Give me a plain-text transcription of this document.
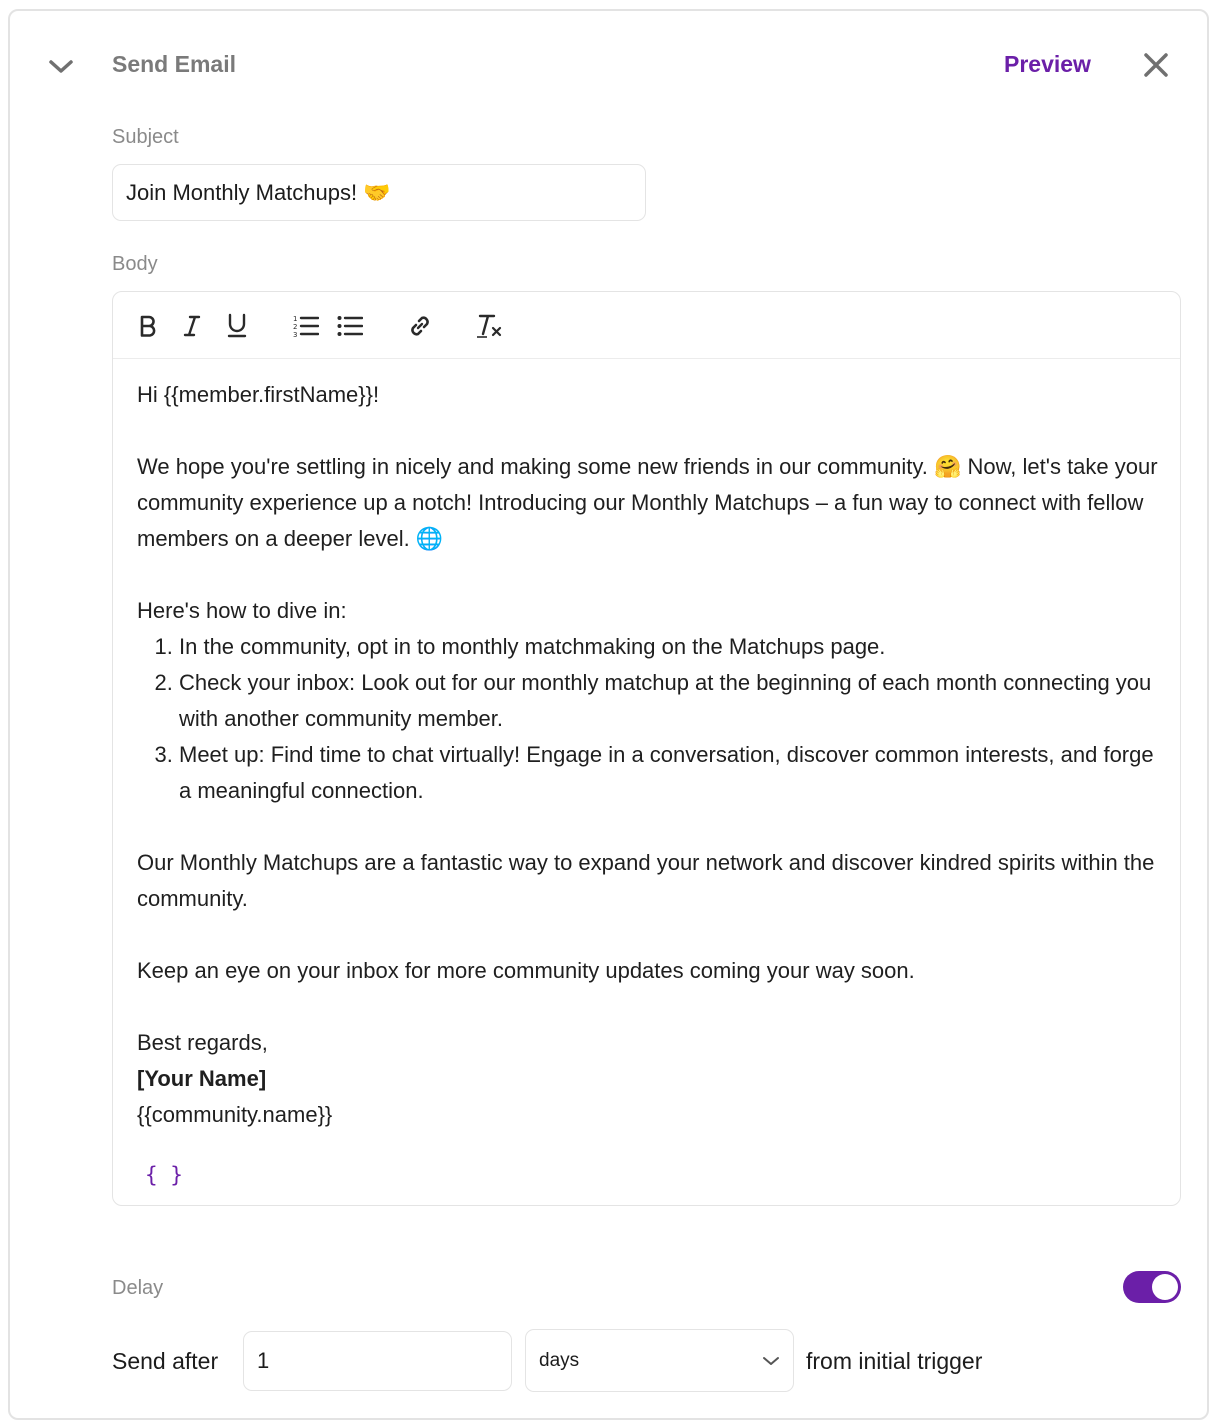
Send Email	Preview
Subject
Join Monthly Matchups! 🤝
Body
1
2
3

Hi {{member.firstName}}!

We hope you're settling in nicely and making some new friends in our community. 🤗 Now, let's take your community experience up a notch! Introducing our Monthly Matchups – a fun way to connect with fellow members on a deeper level. 🌐

Here's how to dive in:

1. In the community, opt in to monthly matchmaking on the Matchups page.
2. Check your inbox: Look out for our monthly matchup at the beginning of each month connecting you with another community member.
3. Meet up: Find time to chat virtually! Engage in a conversation, discover common interests, and forge a meaningful connection.

Our Monthly Matchups are a fantastic way to expand your network and discover kindred spirits within the community.

Keep an eye on your inbox for more community updates coming your way soon.

Best regards,

[Your Name]

{{community.name}}

{ }
Delay
Send after	1	days	from initial trigger
